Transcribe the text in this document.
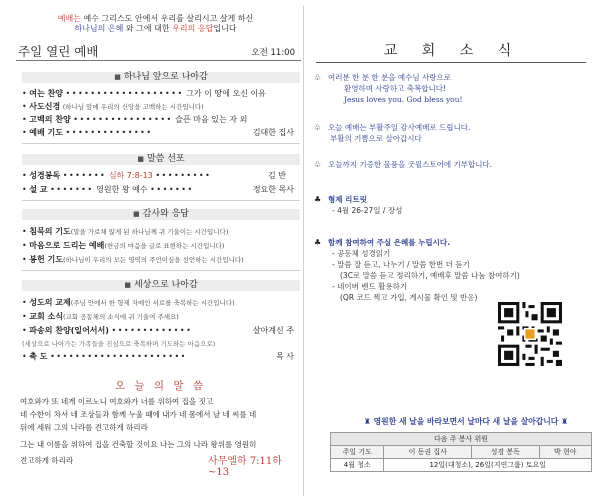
예배는 예수 그리스도 안에서 우리를 살리시고 살게 하신
하나님의 은혜 와 그에 대한 우리의 응답입니다
주일 열린 예배	오전 11:00
■ 하나님 앞으로 나아감
• 여는 찬양 ••••••••••••••••••• 그가 이 땅에 오신 이유
• 사도신경 (하나님 앞에 우리의 신앙을 고백하는 시간입니다)
• 고백의 찬양 •••••••••••••••• 슬픈 마음 있는 자 외
• 예배 기도 ••••••••••••••	김대한 집사
■ 말씀 선포
• 성경봉독 ••••••• 심하 7:8-13 •••••••••	김 반
• 설 교 ••••••• 영원한 왕 예수 •••••••	정요한 목사
■ 감사와 응답
• 침묵의 기도(말을 가로채 않게 된 하나님께 귀 기울이는 시간입니다)
• 마음으로 드리는 예배(헌금의 마음을 글로 표현하는 시간입니다)
• 봉헌 기도(하나님이 우리의 모든 영역의 주인이심을 선언하는 시간입니다)
■ 세상으로 나아감
• 성도의 교제(주님 안에서 한 형제 자매인 서로를 축복하는 시간입니다)
• 교회 소식(교회 공동체의 소식에 귀 기울여 주세요)
• 파송의 찬양(일어서서) •••••••••••••	살아계신 주
(세상으로 나아가는 가족들을 진심으로 축복하며 기도하는 마음으로)
• 축 도 ••••••••••••••••••••••	목 사
오 늘 의 말 씀
여호와가 또 네게 이르노니 여호와가 너를 위하여 집을 짓고
네 수한이 차서 네 조상들과 함께 누울 때에 내가 네 몸에서 날 네 씨를 네
뒤에 세워 그의 나라를 견고하게 하리라
그는 내 이름을 위하여 집을 건축할 것이요 나는 그의 나라 왕위를 영원히
견고하게 하리라	사무엘하 7:11하~13
교 회 소 식
♧ 여러분 한 분 한 분을 예수님 사랑으로
환영하며 사랑하고 축복합니다!
Jesus loves you. God bless you!
♧ 오늘 예배는 부활주일 감사예배로 드립니다.
부활의 기쁨으로 살아갑시다
♧ 오늘까지 기증한 물품을 굿윌스토어에 기부합니다.
♣ 형제 리트릿
- 4월 26-27일 / 장성
♣ 함께 참여하여 주실 은혜를 누립시다.
- 공동체 성경읽기
- 말씀 잘 듣고, 나누기 / 말씀 한번 더 듣기
(3C로 말씀 듣고 정리하기, 예배후 말씀 나눔 참여하기)
- 네이버 밴드 활용하기
(QR 코드 찍고 가입, 게시물 확인 및 반응)
♜ 영원한 새 날을 바라보면서 날마다 새 날을 살아갑니다 ♜
다음 주 봉사 위원			
주일 기도	이 동권 집사	성경 봉독	박 현아
4월 청소	12일(대청소), 26일(지연그룹) 토요일		
